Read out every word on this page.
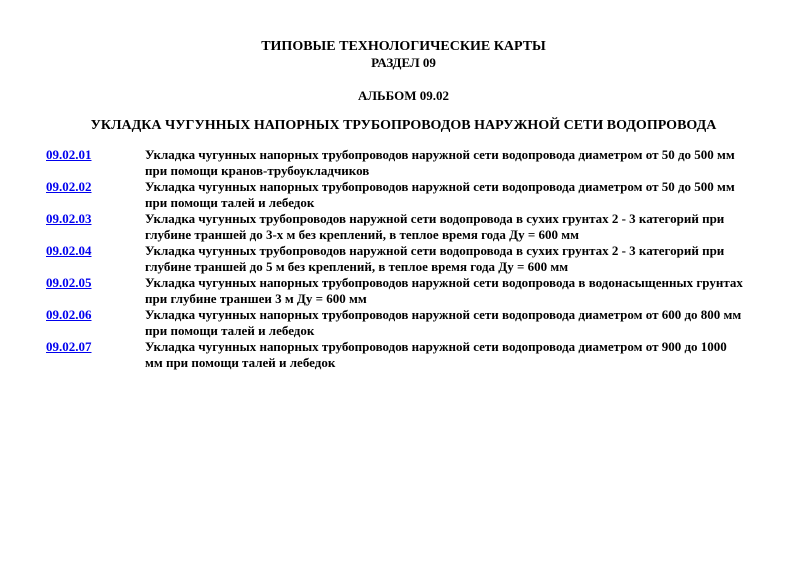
ТИПОВЫЕ ТЕХНОЛОГИЧЕСКИЕ КАРТЫ
РАЗДЕЛ 09
АЛЬБОМ 09.02
УКЛАДКА ЧУГУННЫХ НАПОРНЫХ ТРУБОПРОВОДОВ НАРУЖНОЙ СЕТИ ВОДОПРОВОДА
09.02.01	Укладка чугунных напорных трубопроводов наружной сети водопровода диаметром от 50 до 500 мм
при помощи кранов-трубоукладчиков

09.02.02	Укладка чугунных напорных трубопроводов наружной сети водопровода диаметром от 50 до 500 мм
при помощи талей и лебедок

09.02.03	Укладка чугунных трубопроводов наружной сети водопровода в сухих грунтах 2 - 3 категорий при
глубине траншей до 3-х м без креплений, в теплое время года Ду = 600 мм

09.02.04	Укладка чугунных трубопроводов наружной сети водопровода в сухих грунтах 2 - 3 категорий при
глубине траншей до 5 м без креплений, в теплое время года Ду = 600 мм

09.02.05	Укладка чугунных напорных трубопроводов наружной сети водопровода в водонасыщенных грунтах
при глубине траншеи 3 м Ду = 600 мм

09.02.06	Укладка чугунных напорных трубопроводов наружной сети водопровода диаметром от 600 до 800 мм
при помощи талей и лебедок

09.02.07	Укладка чугунных напорных трубопроводов наружной сети водопровода диаметром от 900 до 1000
мм при помощи талей и лебедок
